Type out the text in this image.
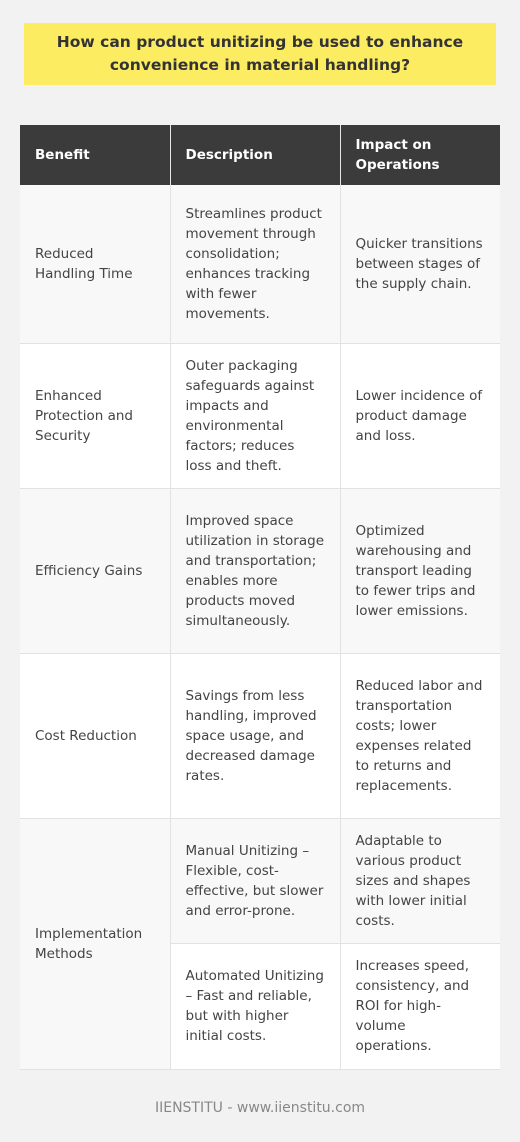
How can product unitizing be used to enhance convenience in material handling?
Benefit	Description	Impact on Operations
Reduced Handling Time	Streamlines product movement through consolidation; enhances tracking with fewer movements.	Quicker transitions between stages of the supply chain.
Enhanced Protection and Security	Outer packaging safeguards against impacts and environmental factors; reduces loss and theft.	Lower incidence of product damage and loss.
Efficiency Gains	Improved space utilization in storage and transportation; enables more products moved simultaneously.	Optimized warehousing and transport leading to fewer trips and lower emissions.
Cost Reduction	Savings from less handling, improved space usage, and decreased damage rates.	Reduced labor and transportation costs; lower expenses related to returns and replacements.
Implementation Methods	Manual Unitizing – Flexible, cost-effective, but slower and error-prone.	Adaptable to various product sizes and shapes with lower initial costs.
	Automated Unitizing – Fast and reliable, but with higher initial costs.	Increases speed, consistency, and ROI for high-volume operations.
IIENSTITU - www.iienstitu.com
